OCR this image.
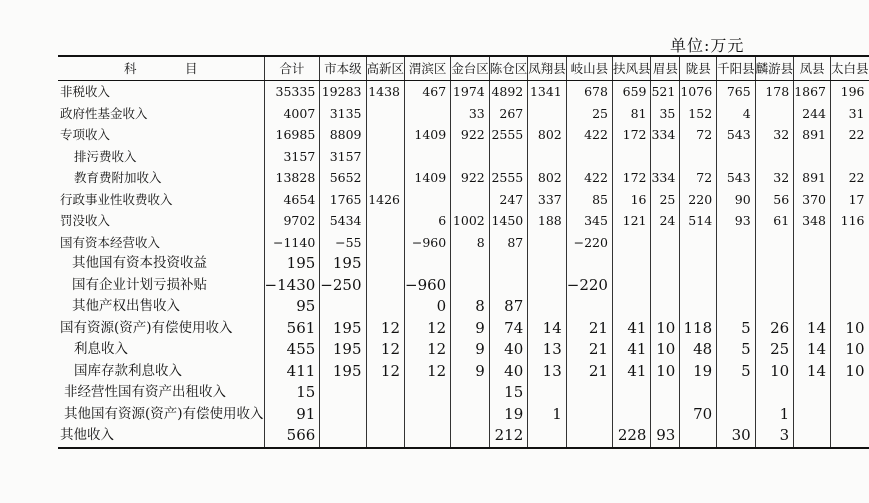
单位:万元
科　目	合计	市本级	高新区	渭滨区	金台区	陈仓区	凤翔县	岐山县	扶风县	眉县	陇县	千阳县	麟游县	凤县	太白县
非税收入	35335	19283	1438	467	1974	4892	1341	678	659	521	1076	765	178	1867	196
政府性基金收入	4007	3135			33	267		25	81	35	152	4		244	31
专项收入	16985	8809		1409	922	2555	802	422	172	334	72	543	32	891	22
排污费收入	3157	3157													
教育费附加收入	13828	5652		1409	922	2555	802	422	172	334	72	543	32	891	22
行政事业性收费收入	4654	1765	1426			247	337	85	16	25	220	90	56	370	17
罚没收入	9702	5434		6	1002	1450	188	345	121	24	514	93	61	348	116
国有资本经营收入	−1140	−55		−960	8	87		−220							
其他国有资本投资收益	195	195													
国有企业计划亏损补贴	−1430	−250		−960				−220							
其他产权出售收入	95			0	8	87									
国有资源(资产)有偿使用收入	561	195	12	12	9	74	14	21	41	10	118	5	26	14	10
利息收入	455	195	12	12	9	40	13	21	41	10	48	5	25	14	10
国库存款利息收入	411	195	12	12	9	40	13	21	41	10	19	5	10	14	10
非经营性国有资产出租收入	15					15									
其他国有资源(资产)有偿使用收入	91					19	1				70		1		
其他收入	566					212			228	93		30	3		
